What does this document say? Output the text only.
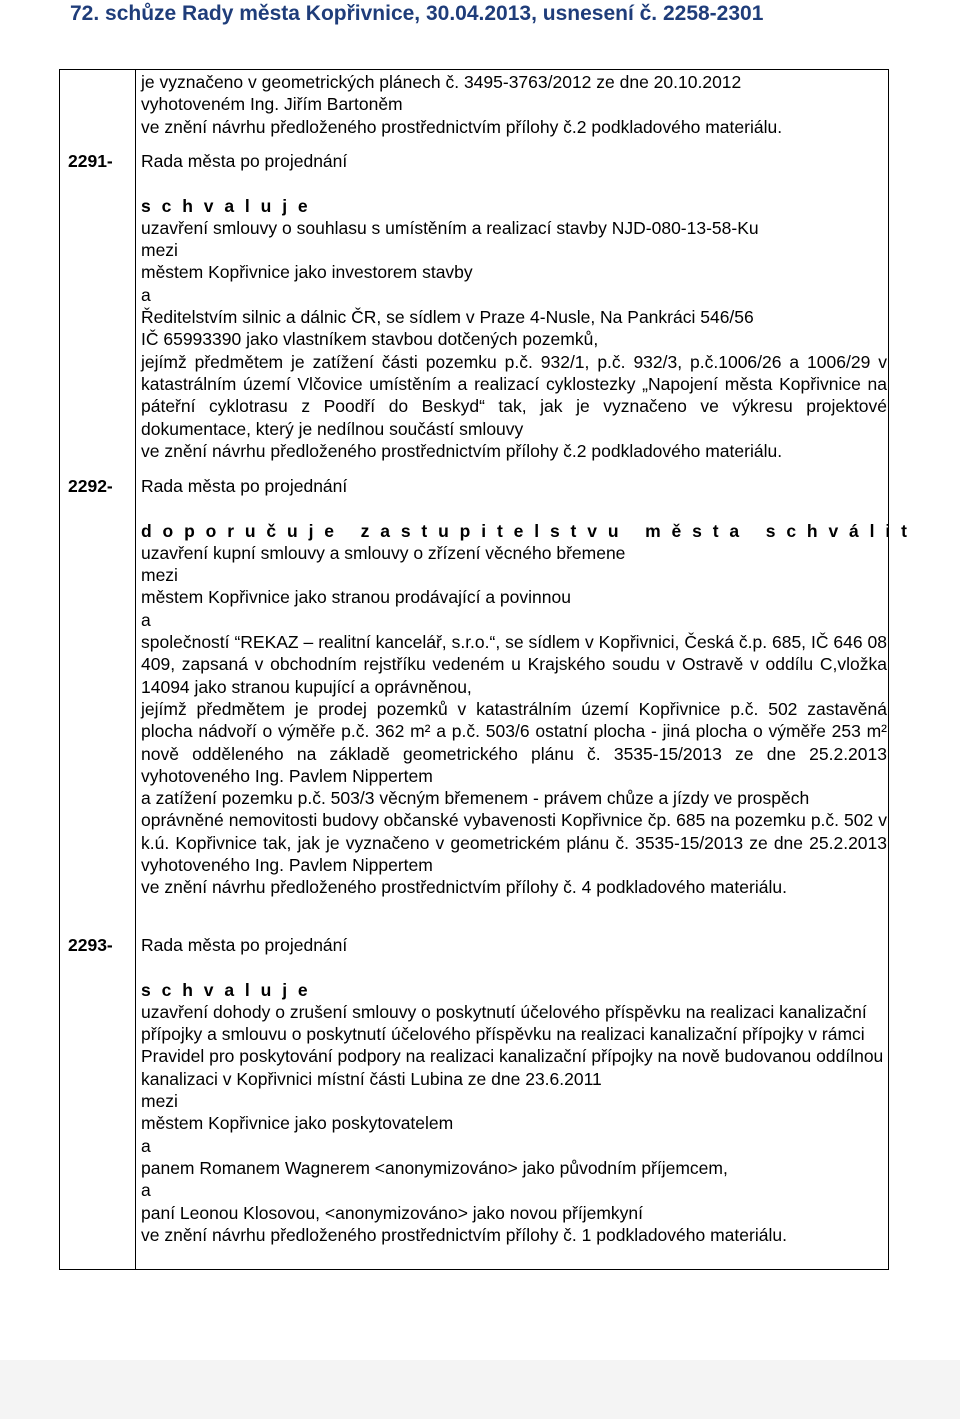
72. schůze Rady města Kopřivnice, 30.04.2013, usnesení č. 2258-2301

je vyznačeno v geometrických plánech č. 3495-3763/2012 ze dne 20.10.2012

vyhotoveném Ing. Jiřím Bartoněm

ve znění návrhu předloženého prostřednictvím přílohy č.2 podkladového materiálu.

2291- Rada města po projednání

s c h v a l u j e

uzavření smlouvy o souhlasu s umístěním a realizací stavby NJD-080-13-58-Ku

mezi

městem Kopřivnice jako investorem stavby

a

Ředitelstvím silnic a dálnic ČR, se sídlem v Praze 4-Nusle, Na Pankráci 546/56

IČ 65993390 jako vlastníkem stavbou dotčených pozemků,

jejímž předmětem je zatížení části pozemku p.č. 932/1, p.č. 932/3, p.č.1006/26 a 1006/29 v katastrálním území Vlčovice umístěním a realizací cyklostezky „Napojení města Kopřivnice na páteřní cyklotrasu z Poodří do Beskyd“ tak, jak je vyznačeno ve výkresu projektové dokumentace, který je nedílnou součástí smlouvy

ve znění návrhu předloženého prostřednictvím přílohy č.2 podkladového materiálu.

2292- Rada města po projednání

d o p o r u č u j e   z a s t u p i t e l s t v u   m ě s t a   s c h v á l i t

uzavření kupní smlouvy a smlouvy o zřízení věcného břemene

mezi

městem Kopřivnice jako stranou prodávající a povinnou

a

společností “REKAZ – realitní kancelář, s.r.o.“, se sídlem v Kopřivnici, Česká č.p. 685, IČ 646 08 409, zapsaná v obchodním rejstříku vedeném u Krajského soudu v Ostravě v oddílu C,vložka 14094 jako stranou kupující a oprávněnou,

jejímž předmětem je prodej pozemků v katastrálním území Kopřivnice p.č. 502 zastavěná plocha nádvoří o výměře p.č. 362 m² a p.č. 503/6 ostatní plocha - jiná plocha o výměře 253 m² nově odděleného na základě geometrického plánu č. 3535-15/2013 ze dne 25.2.2013 vyhotoveného Ing. Pavlem Nippertem

a zatížení pozemku p.č. 503/3 věcným břemenem - právem chůze a jízdy ve prospěch

oprávněné nemovitosti budovy občanské vybavenosti Kopřivnice čp. 685 na pozemku p.č. 502 v k.ú. Kopřivnice tak, jak je vyznačeno v geometrickém plánu č. 3535-15/2013 ze dne 25.2.2013 vyhotoveného Ing. Pavlem Nippertem

ve znění návrhu předloženého prostřednictvím přílohy č. 4 podkladového materiálu.

2293- Rada města po projednání

s c h v a l u j e

uzavření dohody o zrušení smlouvy o poskytnutí účelového příspěvku na realizaci kanalizační přípojky a smlouvu o poskytnutí účelového příspěvku na realizaci kanalizační přípojky v rámci Pravidel pro poskytování podpory na realizaci kanalizační přípojky na nově budovanou oddílnou kanalizaci v Kopřivnici místní části Lubina ze dne 23.6.2011

mezi

městem Kopřivnice jako poskytovatelem

a

panem Romanem Wagnerem <anonymizováno> jako původním příjemcem,

a

paní Leonou Klosovou, <anonymizováno> jako novou příjemkyní

ve znění návrhu předloženého prostřednictvím přílohy č. 1 podkladového materiálu.
